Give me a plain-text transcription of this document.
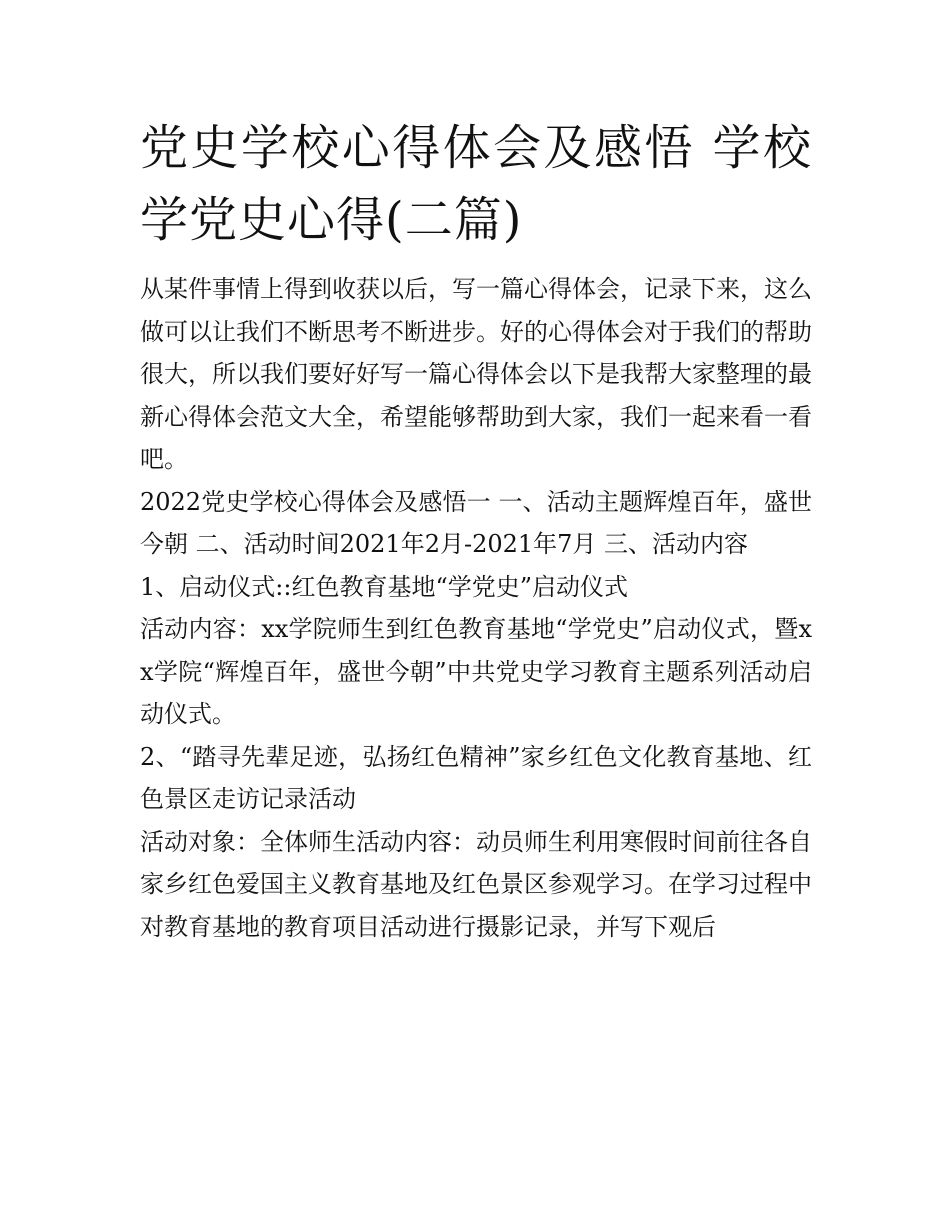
党史学校心得体会及感悟 学校学党史心得(二篇)

从某件事情上得到收获以后，写一篇心得体会，记录下来，这么做可以让我们不断思考不断进步。好的心得体会对于我们的帮助很大，所以我们要好好写一篇心得体会以下是我帮大家整理的最新心得体会范文大全，希望能够帮助到大家，我们一起来看一看吧。

2022党史学校心得体会及感悟一 一、活动主题辉煌百年，盛世今朝 二、活动时间2021年2月-2021年7月 三、活动内容

1、启动仪式::红色教育基地“学党史”启动仪式

活动内容：xx学院师生到红色教育基地“学党史”启动仪式，暨xx学院“辉煌百年，盛世今朝”中共党史学习教育主题系列活动启动仪式。

2、“踏寻先辈足迹，弘扬红色精神”家乡红色文化教育基地、红色景区走访记录活动

活动对象：全体师生活动内容：动员师生利用寒假时间前往各自家乡红色爱国主义教育基地及红色景区参观学习。在学习过程中对教育基地的教育项目活动进行摄影记录，并写下观后
